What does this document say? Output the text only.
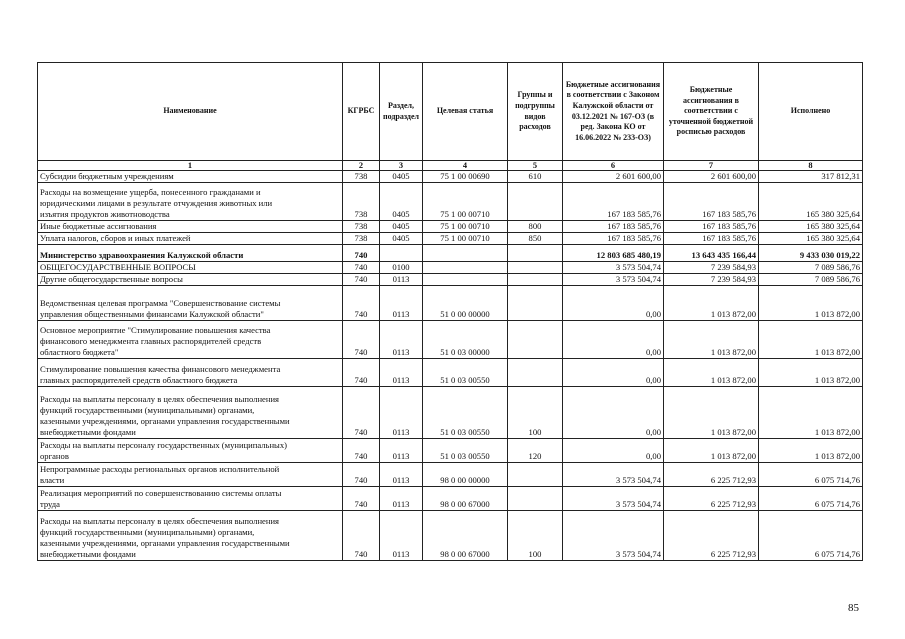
Наименование	КГРБС	Раздел, подраздел	Целевая статья	Группы и подгруппы видов расходов	Бюджетные ассигнования в соответствии с Законом Калужской области от 03.12.2021 № 167-ОЗ (в ред. Закона КО от 16.06.2022 № 233-ОЗ)	Бюджетные ассигнования в соответствии с уточненной бюджетной росписью расходов	Исполнено
1	2	3	4	5	6	7	8
Субсидии бюджетным учреждениям	738	0405	75 1 00 00690	610	2 601 600,00	2 601 600,00	317 812,31
Расходы на возмещение ущерба, понесенного гражданами и
юридическими лицами в результате отчуждения животных или
изъятия продуктов животноводства	738	0405	75 1 00 00710		167 183 585,76	167 183 585,76	165 380 325,64
Иные бюджетные ассигнования	738	0405	75 1 00 00710	800	167 183 585,76	167 183 585,76	165 380 325,64
Уплата налогов, сборов и иных платежей	738	0405	75 1 00 00710	850	167 183 585,76	167 183 585,76	165 380 325,64
Министерство здравоохранения Калужской области	740				12 803 685 480,19	13 643 435 166,44	9 433 030 019,22
ОБЩЕГОСУДАРСТВЕННЫЕ ВОПРОСЫ	740	0100			3 573 504,74	7 239 584,93	7 089 586,76
Другие общегосударственные вопросы	740	0113			3 573 504,74	7 239 584,93	7 089 586,76
Ведомственная целевая программа "Совершенствование системы
управления общественными финансами Калужской области"	740	0113	51 0 00 00000		0,00	1 013 872,00	1 013 872,00
Основное мероприятие "Стимулирование повышения качества
финансового менеджмента главных распорядителей средств
областного бюджета"	740	0113	51 0 03 00000		0,00	1 013 872,00	1 013 872,00
Стимулирование повышения качества финансового менеджмента
главных распорядителей средств областного бюджета	740	0113	51 0 03 00550		0,00	1 013 872,00	1 013 872,00
Расходы на выплаты персоналу в целях обеспечения выполнения
функций государственными (муниципальными) органами,
казенными учреждениями, органами управления государственными
внебюджетными фондами	740	0113	51 0 03 00550	100	0,00	1 013 872,00	1 013 872,00
Расходы на выплаты персоналу государственных (муниципальных)
органов	740	0113	51 0 03 00550	120	0,00	1 013 872,00	1 013 872,00
Непрограммные расходы региональных органов исполнительной
власти	740	0113	98 0 00 00000		3 573 504,74	6 225 712,93	6 075 714,76
Реализация мероприятий по совершенствованию системы оплаты
труда	740	0113	98 0 00 67000		3 573 504,74	6 225 712,93	6 075 714,76
Расходы на выплаты персоналу в целях обеспечения выполнения
функций государственными (муниципальными) органами,
казенными учреждениями, органами управления государственными
внебюджетными фондами	740	0113	98 0 00 67000	100	3 573 504,74	6 225 712,93	6 075 714,76
85
